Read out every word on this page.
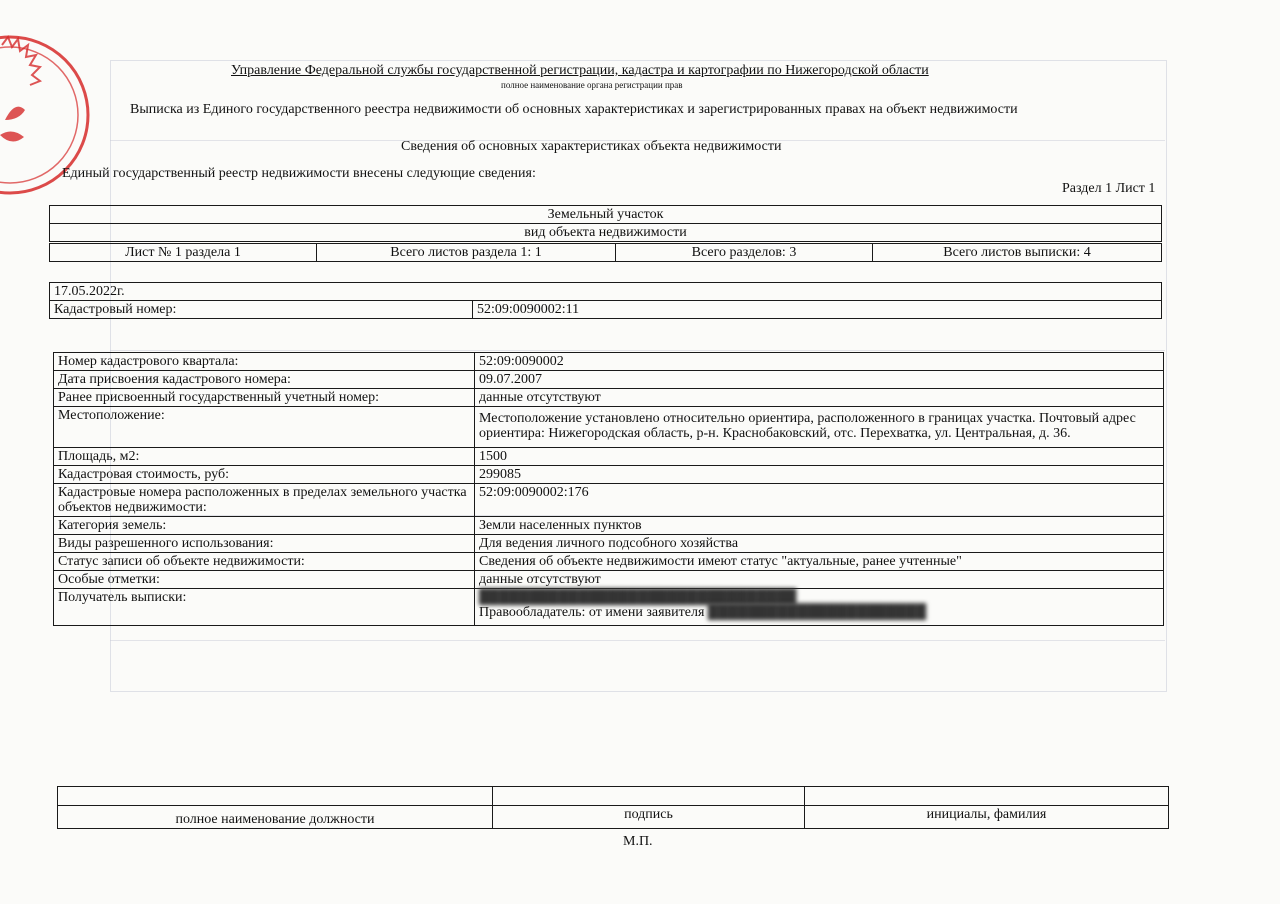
Управление Федеральной службы государственной регистрации, кадастра и картографии по Нижегородской области
полное наименование органа регистрации прав
Выписка из Единого государственного реестра недвижимости об основных характеристиках и зарегистрированных правах на объект недвижимости
Сведения об основных характеристиках объекта недвижимости
Единый государственный реестр недвижимости внесены следующие сведения:
Раздел 1 Лист 1
Земельный участок
вид объекта недвижимости
Лист № 1 раздела 1	Всего листов раздела 1: 1	Всего разделов: 3	Всего листов выписки: 4
17.05.2022г.
Кадастровый номер:	52:09:0090002:11
Номер кадастрового квартала:	52:09:0090002
Дата присвоения кадастрового номера:	09.07.2007
Ранее присвоенный государственный учетный номер:	данные отсутствуют
Местоположение:	Местоположение установлено относительно ориентира, расположенного в границах участка. Почтовый адрес ориентира: Нижегородская область, р-н. Краснобаковский, отс. Перехватка, ул. Центральная, д. 36.
Площадь, м2:	1500
Кадастровая стоимость, руб:	299085
Кадастровые номера расположенных в пределах земельного участка объектов недвижимости:	52:09:0090002:176
Категория земель:	Земли населенных пунктов
Виды разрешенного использования:	Для ведения личного подсобного хозяйства
Статус записи об объекте недвижимости:	Сведения об объекте недвижимости имеют статус "актуальные, ранее учтенные"
Особые отметки:	данные отсутствуют
Получатель выписки:	████████████████████████████████
Правообладатель: от имени заявителя ██████████████████████

полное наименование должности	подпись	инициалы, фамилия
М.П.
